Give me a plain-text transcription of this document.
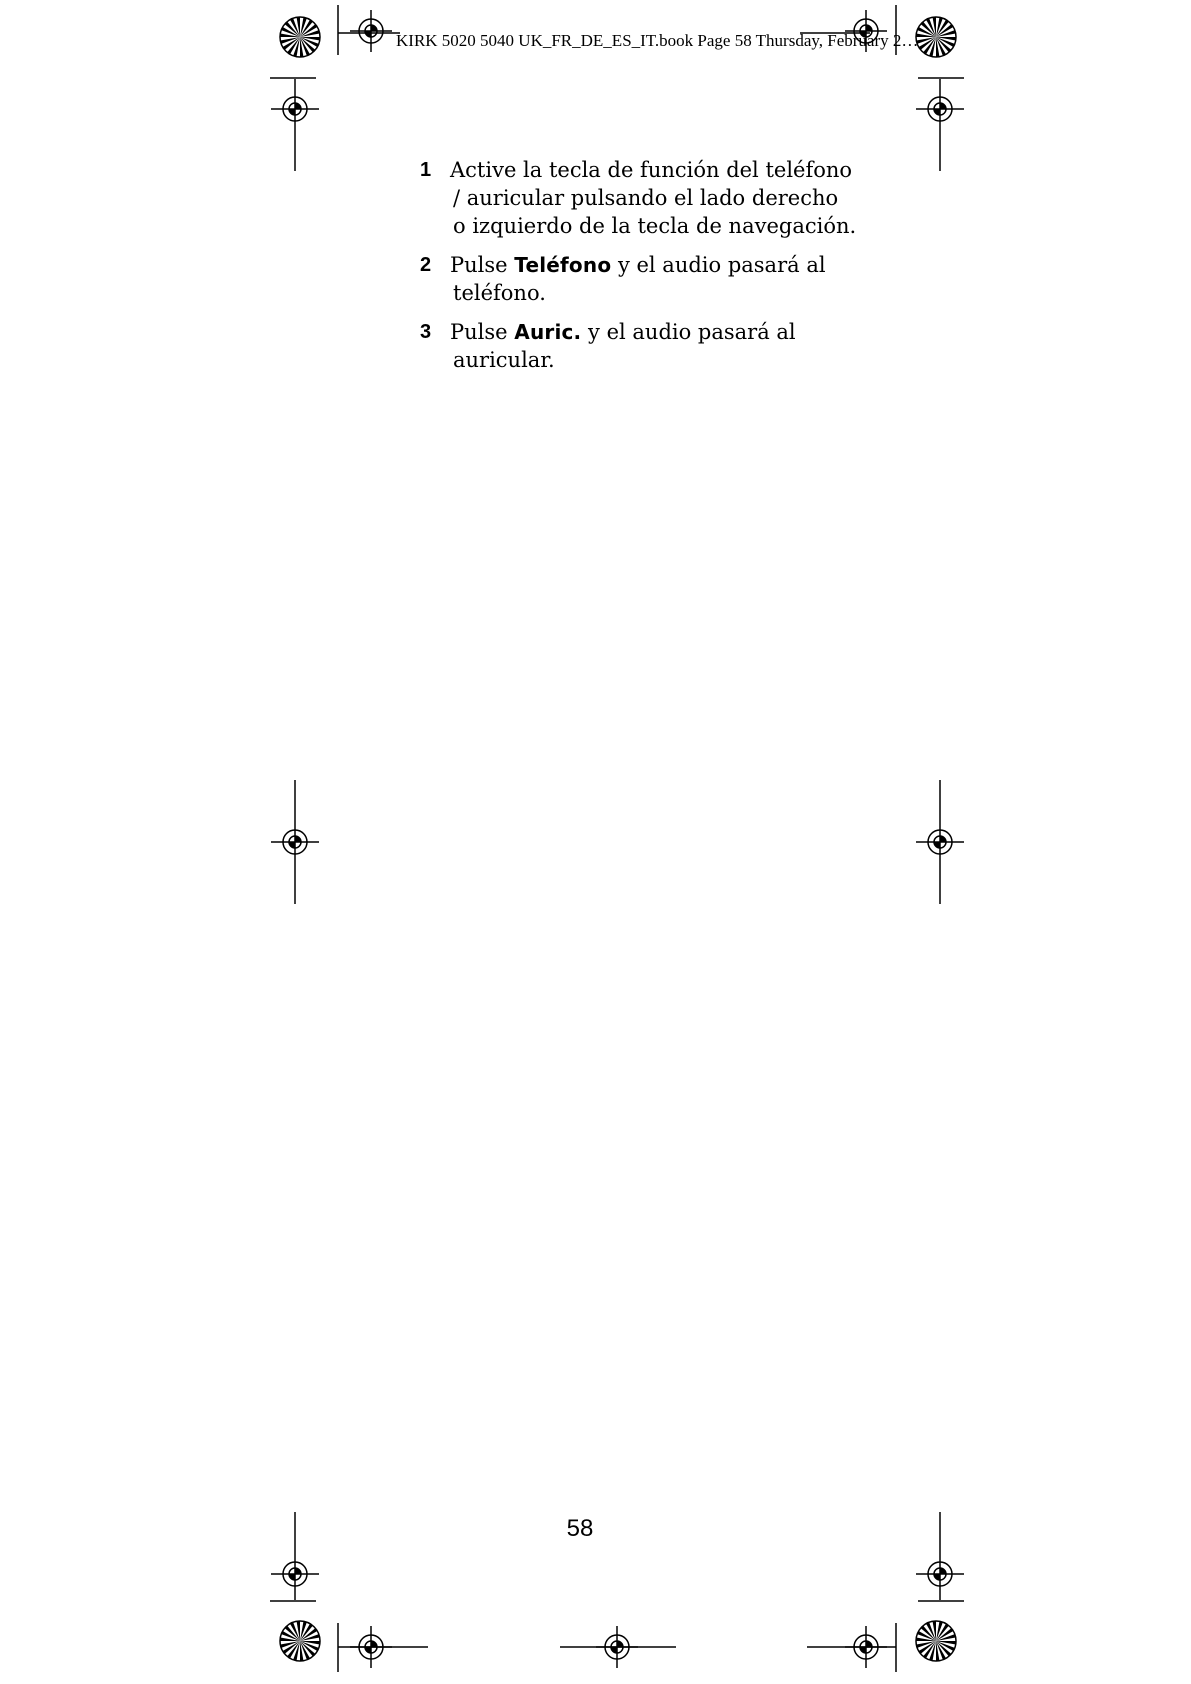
KIRK 5020 5040 UK_FR_DE_ES_IT.book Page 58 Thursday, February 2…
1 Active la tecla de función del teléfono
/ auricular pulsando el lado derecho
o izquierdo de la tecla de navegación.
2 Pulse Teléfono y el audio pasará al
teléfono.
3 Pulse Auric. y el audio pasará al
auricular.
58
